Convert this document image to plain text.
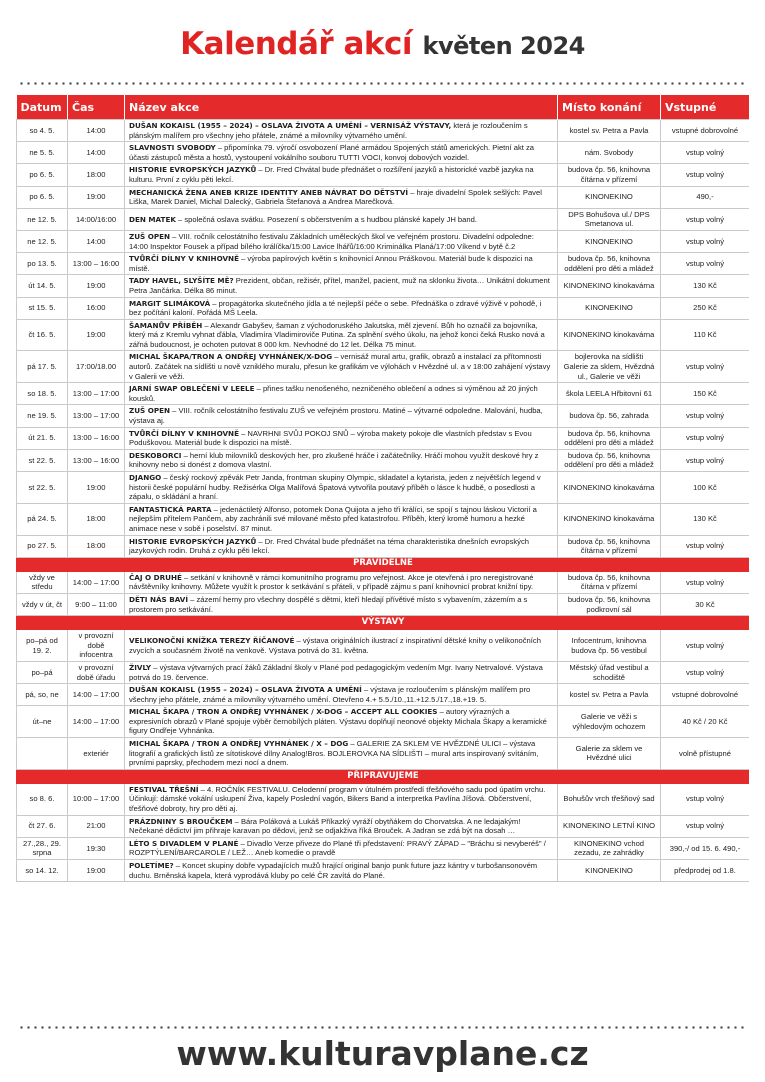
Kalendář akcí květen 2024
Datum	Čas	Název akce	Místo konání	Vstupné
so 4. 5.	14:00	DUŠAN KOKAISL (1955 – 2024) – OSLAVA ŽIVOTA A UMĚNÍ – VERNISÁŽ VÝSTAVY, která je rozloučením s plánským malířem pro všechny jeho přátele, známé a milovníky výtvarného umění.	kostel sv. Petra a Pavla	vstupné dobrovolné
ne 5. 5.	14:00	SLAVNOSTI SVOBODY – připomínka 79. výročí osvobození Plané armádou Spojených států amerických. Pietní akt za účasti zástupců města a hostů, vystoupení vokálního souboru TUTTI VOCI, konvoj dobových vozidel.	nám. Svobody	vstup volný
po 6. 5.	18:00	HISTORIE EVROPSKÝCH JAZYKŮ – Dr. Fred Chvátal bude přednášet o rozšíření jazyků a historické vazbě jazyka na kulturu. První z cyklu pěti lekcí.	budova čp. 56, knihovna čítárna v přízemí	vstup volný
po 6. 5.	19:00	MECHANICKÁ ŽENA ANEB KRIZE IDENTITY ANEB NÁVRAT DO DĚTSTVÍ – hraje divadelní Spolek sešlých: Pavel Liška, Marek Daniel, Michal Dalecký, Gabriela Štefanová a Andrea Marečková.	KINONEKINO	490,-
ne 12. 5.	14:00/16:00	DEN MATEK – společná oslava svátku. Posezení s občerstvením a s hudbou plánské kapely JH band.	DPS Bohušova ul./ DPS Smetanova ul.	vstup volný
ne 12. 5.	14:00	ZUŠ OPEN – VIII. ročník celostátního festivalu Základních uměleckých škol ve veřejném prostoru. Divadelní odpoledne: 14:00 Inspektor Fousek a případ bílého králíčka/15:00 Lavice lhářů/16:00 Kriminálka Planá/17:00 Víkend v bytě č.2	KINONEKINO	vstup volný
po 13. 5.	13:00 – 16:00	TVŮRČÍ DÍLNY V KNIHOVNĚ – výroba papírových květin s knihovnicí Annou Práškovou. Materiál bude k dispozici na místě.	budova čp. 56, knihovna oddělení pro děti a mládež	vstup volný
út 14. 5.	19:00	TADY HAVEL, SLYŠÍTE MĚ? Prezident, občan, režisér, přítel, manžel, pacient, muž na sklonku života… Unikátní dokument Petra Jančárka. Délka 86 minut.	KINONEKINO kinokavárna	130 Kč
st 15. 5.	16:00	MARGIT SLIMÁKOVÁ – propagátorka skutečného jídla a té nejlepší péče o sebe. Přednáška o zdravé výživě v pohodě, i bez počítání kalorií. Pořádá MŠ Leela.	KINONEKINO	250 Kč
čt 16. 5.	19:00	ŠAMANŮV PŘÍBĚH – Alexandr Gabyšev, šaman z východoruského Jakutska, měl zjevení. Bůh ho označil za bojovníka, který má z Kremlu vyhnat ďábla, Vladimíra Vladimiroviče Putina. Za splnění svého úkolu, na jehož konci čeká Rusko nová a zářná budoucnost, je ochoten putovat 8 000 km. Nevhodné do 12 let. Délka 75 minut.	KINONEKINO kinokavárna	110 Kč
pá 17. 5.	17:00/18.00	MICHAL ŠKAPA/TRON A ONDŘEJ VYHNÁNEK/X-DOG – vernisáž mural artu, grafik, obrazů a instalací za přítomnosti autorů. Začátek na sídlišti u nově vzniklého muralu, přesun ke grafikám ve výlohách v Hvězdné ul. a v 18:00 zahájení výstavy v Galerii ve věži.	bojlerovka na sídlišti Galerie za sklem, Hvězdná ul., Galerie ve věži	vstup volný
so 18. 5.	13:00 – 17:00	JARNÍ SWAP OBLEČENÍ V LEELE – přines tašku nenošeného, nezničeného oblečení a odnes si výměnou až 20 jiných kousků.	škola LEELA Hřbitovní 61	150 Kč
ne 19. 5.	13:00 – 17:00	ZUŠ OPEN – VIII. ročník celostátního festivalu ZUŠ ve veřejném prostoru. Matiné – výtvarné odpoledne. Malování, hudba, výstava aj.	budova čp. 56, zahrada	vstup volný
út 21. 5.	13:00 – 16:00	TVŮRČÍ DÍLNY V KNIHOVNĚ – NAVRHNI SVŮJ POKOJ SNŮ – výroba makety pokoje dle vlastních představ s Evou Poduškovou. Materiál bude k dispozici na místě.	budova čp. 56, knihovna oddělení pro děti a mládež	vstup volný
st 22. 5.	13:00 – 16:00	DESKOBORCI – herní klub milovníků deskových her, pro zkušené hráče i začátečníky. Hráči mohou využít deskové hry z knihovny nebo si donést z domova vlastní.	budova čp. 56, knihovna oddělení pro děti a mládež	vstup volný
st 22. 5.	19:00	DJANGO – český rockový zpěvák Petr Janda, frontman skupiny Olympic, skladatel a kytarista, jeden z největších legend v historii české populární hudby. Režisérka Olga Malířová Špatová vytvořila poutavý příběh o lásce k hudbě, o posedlosti a zápalu, o skládání a hraní.	KINONEKINO kinokavárna	100 Kč
pá 24. 5.	18:00	FANTASTICKÁ PARTA – jedenáctiletý Alfonso, potomek Dona Quijota a jeho tři králíci, se spojí s tajnou láskou Victorií a nejlepším přítelem Pančem, aby zachránili své milované město před katastrofou. Příběh, který kromě humoru a hezké animace nese v sobě i poselství. 87 minut.	KINONEKINO kinokavárna	130 Kč
po 27. 5.	18:00	HISTORIE EVROPSKÝCH JAZYKŮ – Dr. Fred Chvátal bude přednášet na téma charakteristika dnešních evropských jazykových rodin. Druhá z cyklu pěti lekcí.	budova čp. 56, knihovna čítárna v přízemí	vstup volný
PRAVIDELNĚ				
vždy ve středu	14:00 – 17:00	ČAJ O DRUHÉ – setkání v knihovně v rámci komunitního programu pro veřejnost. Akce je otevřená i pro neregistrované návštěvníky knihovny. Můžete využít k prostor k setkávání s přáteli, v případě zájmu s paní knihovnicí probrat knižní tipy.	budova čp. 56, knihovna čítárna v přízemí	vstup volný
vždy v út, čt	9:00 – 11:00	DĚTI NÁS BAVÍ – zázemí herny pro všechny dospělé s dětmi, kteří hledají přívětivé místo s vybavením, zázemím a s prostorem pro setkávání.	budova čp. 56, knihovna podkrovní sál	30 Kč
VÝSTAVY				
po–pá od 19. 2.	v provozní době infocentra	VELIKONOČNÍ KNÍŽKA TEREZY ŘÍČANOVÉ – výstava originálních ilustrací z inspirativní dětské knihy o velikonočních zvycích a současném životě na venkově. Výstava potrvá do 31. května.	Infocentrum, knihovna budova čp. 56 vestibul	vstup volný
po–pá	v provozní době úřadu	ŽIVLY – výstava výtvarných prací žáků Základní školy v Plané pod pedagogickým vedením Mgr. Ivany Netrvalové. Výstava potrvá do 19. července.	Městský úřad vestibul a schodiště	vstup volný
pá, so, ne	14:00 – 17:00	DUŠAN KOKAISL (1955 – 2024) – OSLAVA ŽIVOTA A UMĚNÍ – výstava je rozloučením s plánským malířem pro všechny jeho přátele, známé a milovníky výtvarného umění. Otevřeno 4.+ 5.5./10.,11.+12.5./17.,18.+19. 5.	kostel sv. Petra a Pavla	vstupné dobrovolné
út–ne	14:00 – 17:00	MICHAL ŠKAPA / TRON A ONDŘEJ VYHNÁNEK / X-DOG – ACCEPT ALL COOKIES – autory výrazných a expresivních obrazů v Plané spojuje výběr černobílých pláten. Výstavu doplňují neonové objekty Michala Škapy a keramické figury Ondřeje Vyhnánka.	Galerie ve věži s výhledovým ochozem	40 Kč / 20 Kč
	exteriér	MICHAL ŠKAPA / TRON A ONDŘEJ VYHNÁNEK / X – DOG – GALERIE ZA SKLEM VE HVĚZDNÉ ULICI – výstava litografií a grafických listů ze sítotiskové dílny Analog!Bros. BOJLEROVKA NA SÍDLIŠTI – mural arts inspirovaný svítáním, prvními paprsky, přechodem mezi nocí a dnem.	Galerie za sklem ve Hvězdné ulici	volně přístupné
PŘIPRAVUJEME				
so 8. 6.	10:00 – 17:00	FESTIVAL TŘEŠNÍ – 4. ROČNÍK FESTIVALU. Celodenní program v útulném prostředí třešňového sadu pod úpatím vrchu. Účinkují: dámské vokální uskupení Živa, kapely Poslední vagón, Bikers Band a interpretka Pavlína Jíšová. Občerstvení, třešňové dobroty, hry pro děti aj.	Bohušův vrch třešňový sad	vstup volný
čt 27. 6.	21:00	PRÁZDNINY S BROUČKEM – Bára Poláková a Lukáš Příkazký vyráží obytňákem do Chorvatska. A ne ledajakým! Nečekané dědictví jim přihraje karavan po dědovi, jenž se odjakživa říká Brouček. A Jadran se zdá být na dosah …	KINONEKINO LETNÍ KINO	vstup volný
27.,28., 29. srpna	19:30	LÉTO S DIVADLEM V PLANÉ – Divadlo Verze přiveze do Plané tři představení: PRAVÝ ZÁPAD – "Bráchu si nevyberéš" / ROZPTÝLENÍ/BARCAROLE / LEŽ… Aneb komedie o pravdě	KINONEKINO vchod zezadu, ze zahrádky	390,-/ od 15. 6. 490,-
so 14. 12.	19:00	POLETÍME? – Koncet skupiny dobře vypadajících mužů hrající original banjo punk future jazz kántry v turbošansonovém duchu. Brněnská kapela, která vyprodává kluby po celé ČR zavítá do Plané.	KINONEKINO	předprodej od 1.8.
www.kulturavplane.cz
